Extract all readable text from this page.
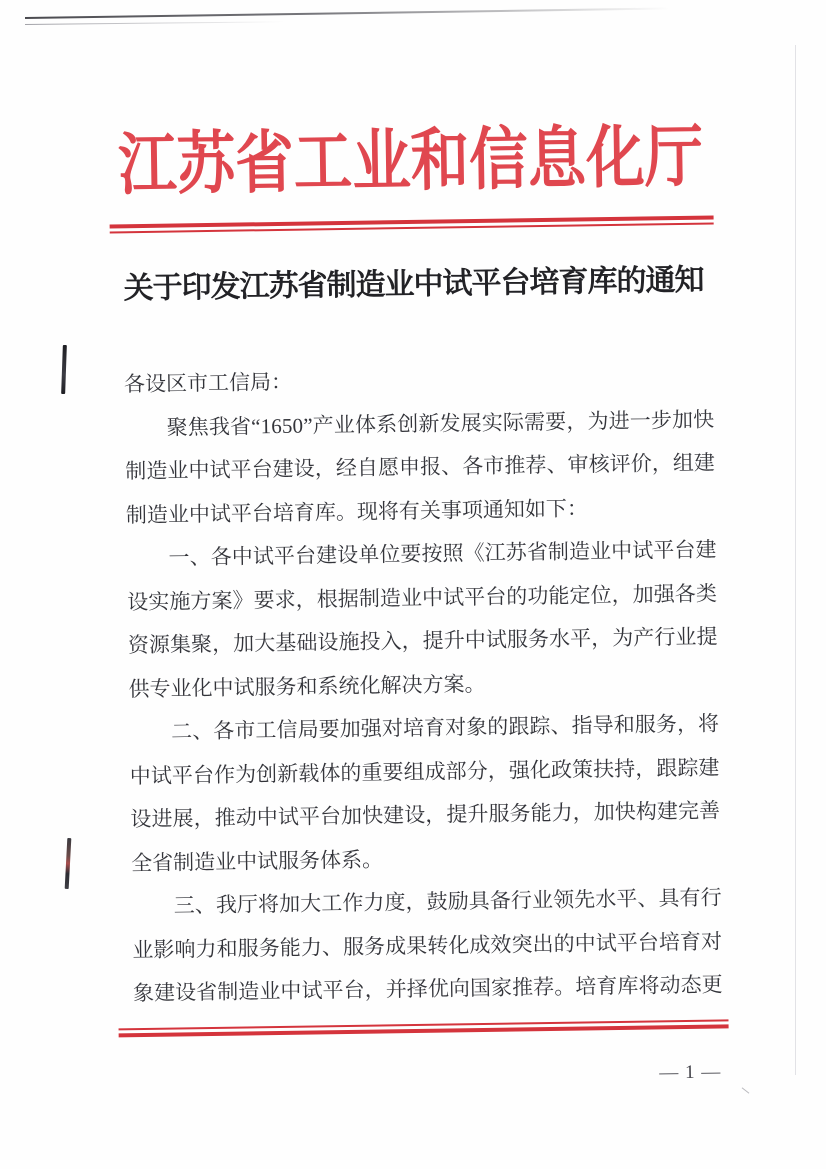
江苏省工业和信息化厅
关于印发江苏省制造业中试平台培育库的通知
各设区市工信局：
聚 焦 我 省 “ 1 6 5 0 ” 产 业 体 系 创 新 发 展 实 际 需 要 ， 为 进 一 步 加 快
制 造 业 中 试 平 台 建 设 ， 经 自 愿 申 报 、 各 市 推 荐 、 审 核 评 价 ， 组 建
制造业中试平台培育库。现将有关事项通知如下：
一 、 各 中 试 平 台 建 设 单 位 要 按 照 《 江 苏 省 制 造 业 中 试 平 台 建
设 实 施 方 案 》 要 求 ， 根 据 制 造 业 中 试 平 台 的 功 能 定 位 ， 加 强 各 类
资 源 集 聚 ， 加 大 基 础 设 施 投 入 ， 提 升 中 试 服 务 水 平 ， 为 产 行 业 提
供专业化中试服务和系统化解决方案。
二 、 各 市 工 信 局 要 加 强 对 培 育 对 象 的 跟 踪 、 指 导 和 服 务 ， 将
中 试 平 台 作 为 创 新 载 体 的 重 要 组 成 部 分 ， 强 化 政 策 扶 持 ， 跟 踪 建
设 进 展 ， 推 动 中 试 平 台 加 快 建 设 ， 提 升 服 务 能 力 ， 加 快 构 建 完 善
全省制造业中试服务体系。
三 、 我 厅 将 加 大 工 作 力 度 ， 鼓 励 具 备 行 业 领 先 水 平 、 具 有 行
业 影 响 力 和 服 务 能 力 、 服 务 成 果 转 化 成 效 突 出 的 中 试 平 台 培 育 对
象 建 设 省 制 造 业 中 试 平 台 ， 并 择 优 向 国 家 推 荐 。 培 育 库 将 动 态 更
— 1 —
